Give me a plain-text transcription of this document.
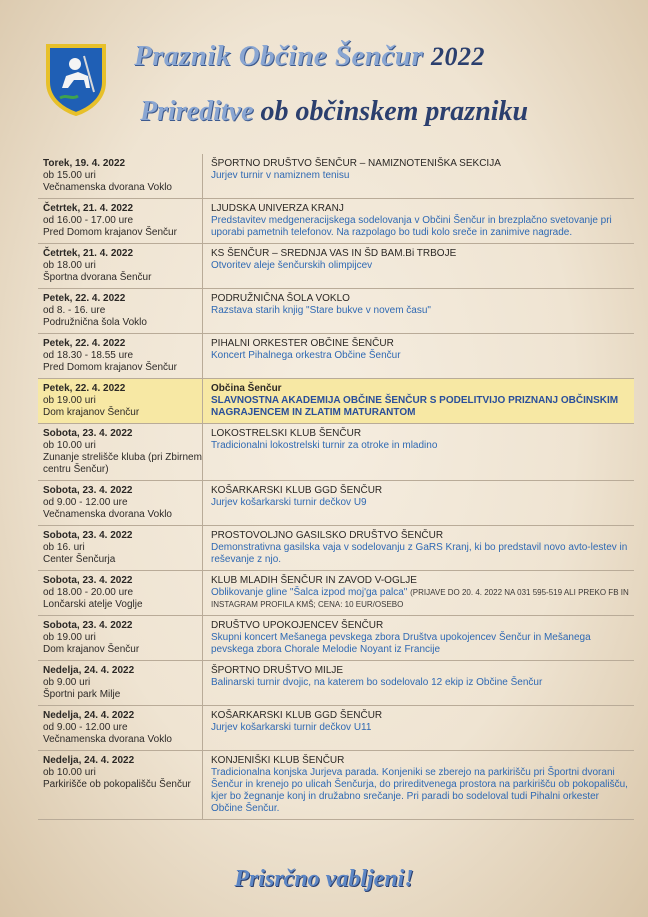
Praznik Občine Šenčur 2022
Prireditve ob občinskem prazniku
Torek, 19. 4. 2022
ob 15.00 uri
Večnamenska dvorana Voklo
ŠPORTNO DRUŠTVO ŠENČUR – NAMIZNOTENIŠKA SEKCIJA
Jurjev turnir v namiznem tenisu
Četrtek, 21. 4. 2022
od 16.00 - 17.00 ure
Pred Domom krajanov Šenčur
LJUDSKA UNIVERZA KRANJ
Predstavitev medgeneracijskega sodelovanja v Občini Šenčur in brezplačno svetovanje pri uporabi pametnih telefonov. Na razpolago bo tudi kolo sreče in zanimive nagrade.
Četrtek, 21. 4. 2022
ob 18.00 uri
Športna dvorana Šenčur
KS ŠENČUR – SREDNJA VAS IN ŠD BAM.Bi TRBOJE
Otvoritev aleje šenčurskih olimpijcev
Petek, 22. 4. 2022
od 8. - 16. ure
Podružnična šola Voklo
PODRUŽNIČNA ŠOLA VOKLO
Razstava starih knjig "Stare bukve v novem času"
Petek, 22. 4. 2022
od 18.30 - 18.55 ure
Pred Domom krajanov Šenčur
PIHALNI ORKESTER OBČINE ŠENČUR
Koncert Pihalnega orkestra Občine Šenčur
Petek, 22. 4. 2022
ob 19.00 uri
Dom krajanov Šenčur
Občina Šenčur
SLAVNOSTNA AKADEMIJA OBČINE ŠENČUR S PODELITVIJO PRIZNANJ OBČINSKIM NAGRAJENCEM IN ZLATIM MATURANTOM
Sobota, 23. 4. 2022
ob 10.00 uri
Zunanje strelišče kluba (pri Zbirnem centru Šenčur)
LOKOSTRELSKI KLUB ŠENČUR
Tradicionalni lokostrelski turnir za otroke in mladino
Sobota, 23. 4. 2022
od 9.00 - 12.00 ure
Večnamenska dvorana Voklo
KOŠARKARSKI KLUB GGD ŠENČUR
Jurjev košarkarski turnir dečkov U9
Sobota, 23. 4. 2022
ob 16. uri
Center Šenčurja
PROSTOVOLJNO GASILSKO DRUŠTVO ŠENČUR
Demonstrativna gasilska vaja v sodelovanju z GaRS Kranj, ki bo predstavil novo avto-lestev in reševanje z njo.
Sobota, 23. 4. 2022
od 18.00 - 20.00 ure
Lončarski atelje Voglje
KLUB MLADIH ŠENČUR IN ZAVOD V-OGLJE
Oblikovanje gline "Šalca izpod moj'ga palca" (PRIJAVE DO 20. 4. 2022 NA 031 595-519 ALI PREKO FB IN INSTAGRAM PROFILA KMŠ; CENA: 10 EUR/OSEBO
Sobota, 23. 4. 2022
ob 19.00 uri
Dom krajanov Šenčur
DRUŠTVO UPOKOJENCEV ŠENČUR
Skupni koncert Mešanega pevskega zbora Društva upokojencev Šenčur in Mešanega pevskega zbora Chorale Melodie Noyant iz Francije
Nedelja, 24. 4. 2022
ob 9.00 uri
Športni park Milje
ŠPORTNO DRUŠTVO MILJE
Balinarski turnir dvojic, na katerem bo sodelovalo 12 ekip iz Občine Šenčur
Nedelja, 24. 4. 2022
od 9.00 - 12.00 ure
Večnamenska dvorana Voklo
KOŠARKARSKI KLUB GGD ŠENČUR
Jurjev košarkarski turnir dečkov U11
Nedelja, 24. 4. 2022
ob 10.00 uri
Parkirišče ob pokopališču Šenčur
KONJENIŠKI KLUB ŠENČUR
Tradicionalna konjska Jurjeva parada. Konjeniki se zberejo na parkirišču pri Športni dvorani Šenčur in krenejo po ulicah Šenčurja, do prireditvenega prostora na parkirišču ob pokopališču, kjer bo žegnanje konj in družabno srečanje. Pri paradi bo sodeloval tudi Pihalni orkester Občine Šenčur.
Prisrčno vabljeni!
